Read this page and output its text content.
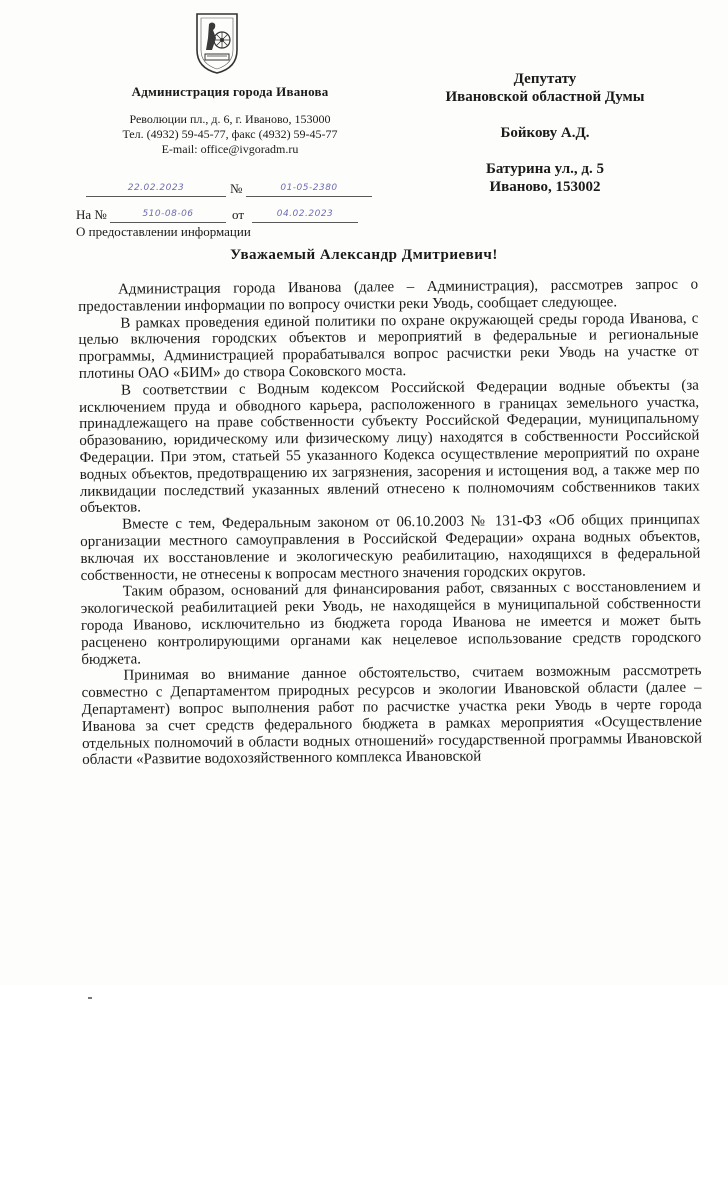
Администрация города Иванова
Революции пл., д. 6, г. Иваново, 153000
Тел. (4932) 59-45-77, факс (4932) 59-45-77
E-mail: office@ivgoradm.ru
22.02.2023	№	01-05-2380
На №	510-08-06	от	04.02.2023
О предоставлении информации
Депутату
Ивановской областной Думы
Бойкову А.Д.
Батурина ул., д. 5
Иваново, 153002
Уважаемый Александр Дмитриевич!

Администрация города Иванова (далее – Администрация), рассмотрев запрос о предоставлении информации по вопросу очистки реки Уводь, сообщает следующее.

В рамках проведения единой политики по охране окружающей среды города Иванова, с целью включения городских объектов и мероприятий в федеральные и региональные программы, Администрацией прорабатывался вопрос расчистки реки Уводь на участке от плотины ОАО «БИМ» до створа Соковского моста.

В соответствии с Водным кодексом Российской Федерации водные объекты (за исключением пруда и обводного карьера, расположенного в границах земельного участка, принадлежащего на праве собственности субъекту Российской Федерации, муниципальному образованию, юридическому или физическому лицу) находятся в собственности Российской Федерации. При этом, статьей 55 указанного Кодекса осуществление мероприятий по охране водных объектов, предотвращению их загрязнения, засорения и истощения вод, а также мер по ликвидации последствий указанных явлений отнесено к полномочиям собственников таких объектов.

Вместе с тем, Федеральным законом от 06.10.2003 № 131-ФЗ «Об общих принципах организации местного самоуправления в Российской Федерации» охрана водных объектов, включая их восстановление и экологическую реабилитацию, находящихся в федеральной собственности, не отнесены к вопросам местного значения городских округов.

Таким образом, оснований для финансирования работ, связанных с восстановлением и экологической реабилитацией реки Уводь, не находящейся в муниципальной собственности города Иваново, исключительно из бюджета города Иванова не имеется и может быть расценено контролирующими органами как нецелевое использование средств городского бюджета.

Принимая во внимание данное обстоятельство, считаем возможным рассмотреть совместно с Департаментом природных ресурсов и экологии Ивановской области (далее – Департамент) вопрос выполнения работ по расчистке участка реки Уводь в черте города Иванова за счет средств федерального бюджета в рамках мероприятия «Осуществление отдельных полномочий в области водных отношений» государственной программы Ивановской области «Развитие водохозяйственного комплекса Ивановской
